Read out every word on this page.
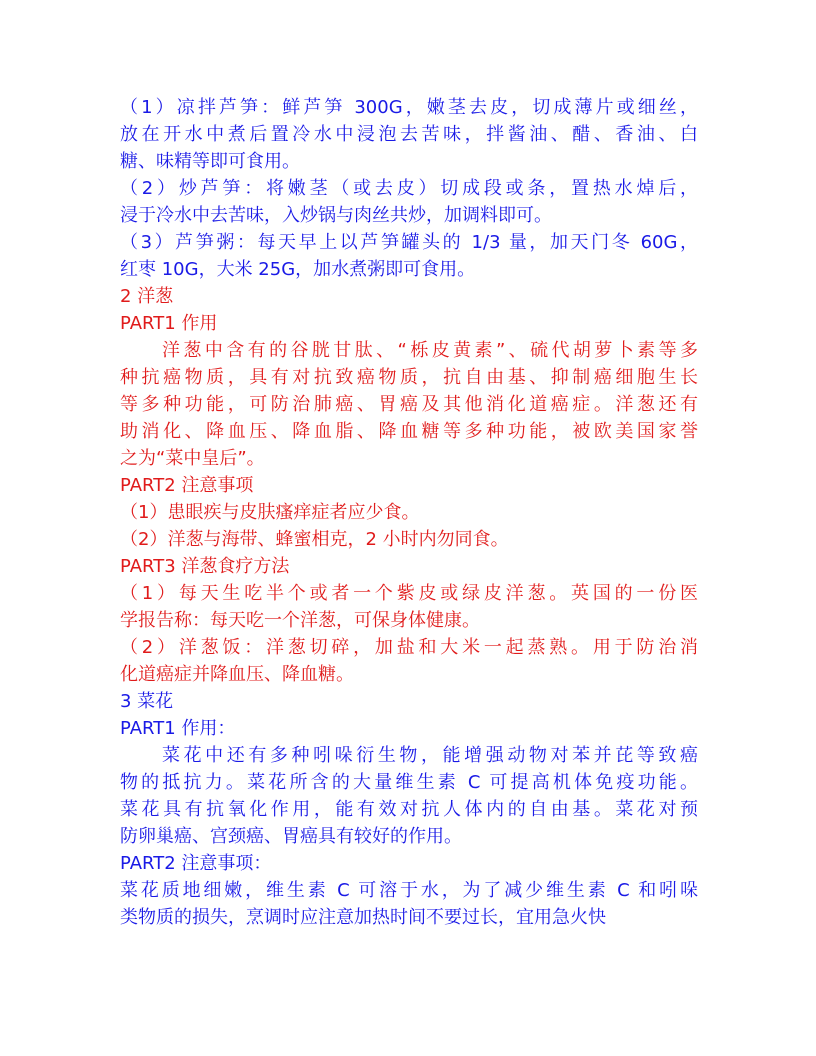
（1）凉拌芦笋：鲜芦笋 300G，嫩茎去皮，切成薄片或细丝，
放在开水中煮后置冷水中浸泡去苦味，拌酱油、醋、香油、白
糖、味精等即可食用。
（2）炒芦笋：将嫩茎（或去皮）切成段或条，置热水焯后，
浸于冷水中去苦味，入炒锅与肉丝共炒，加调料即可。
（3）芦笋粥：每天早上以芦笋罐头的 1/3 量，加天门冬 60G，
红枣 10G，大米 25G，加水煮粥即可食用。
2 洋葱
PART1 作用
洋葱中含有的谷胱甘肽、“栎皮黄素”、硫代胡萝卜素等多
种抗癌物质，具有对抗致癌物质，抗自由基、抑制癌细胞生长
等多种功能，可防治肺癌、胃癌及其他消化道癌症。洋葱还有
助消化、降血压、降血脂、降血糖等多种功能，被欧美国家誉
之为“菜中皇后”。
PART2 注意事项
（1）患眼疾与皮肤瘙痒症者应少食。
（2）洋葱与海带、蜂蜜相克，2 小时内勿同食。
PART3 洋葱食疗方法
（1）每天生吃半个或者一个紫皮或绿皮洋葱。英国的一份医
学报告称：每天吃一个洋葱，可保身体健康。
（2）洋葱饭：洋葱切碎，加盐和大米一起蒸熟。用于防治消
化道癌症并降血压、降血糖。
3 菜花
PART1 作用：
菜花中还有多种吲哚衍生物，能增强动物对苯并芘等致癌
物的抵抗力。菜花所含的大量维生素 C 可提高机体免疫功能。
菜花具有抗氧化作用，能有效对抗人体内的自由基。菜花对预
防卵巢癌、宫颈癌、胃癌具有较好的作用。
PART2 注意事项：
菜花质地细嫩，维生素 C 可溶于水，为了减少维生素 C 和吲哚
类物质的损失，烹调时应注意加热时间不要过长，宜用急火快
